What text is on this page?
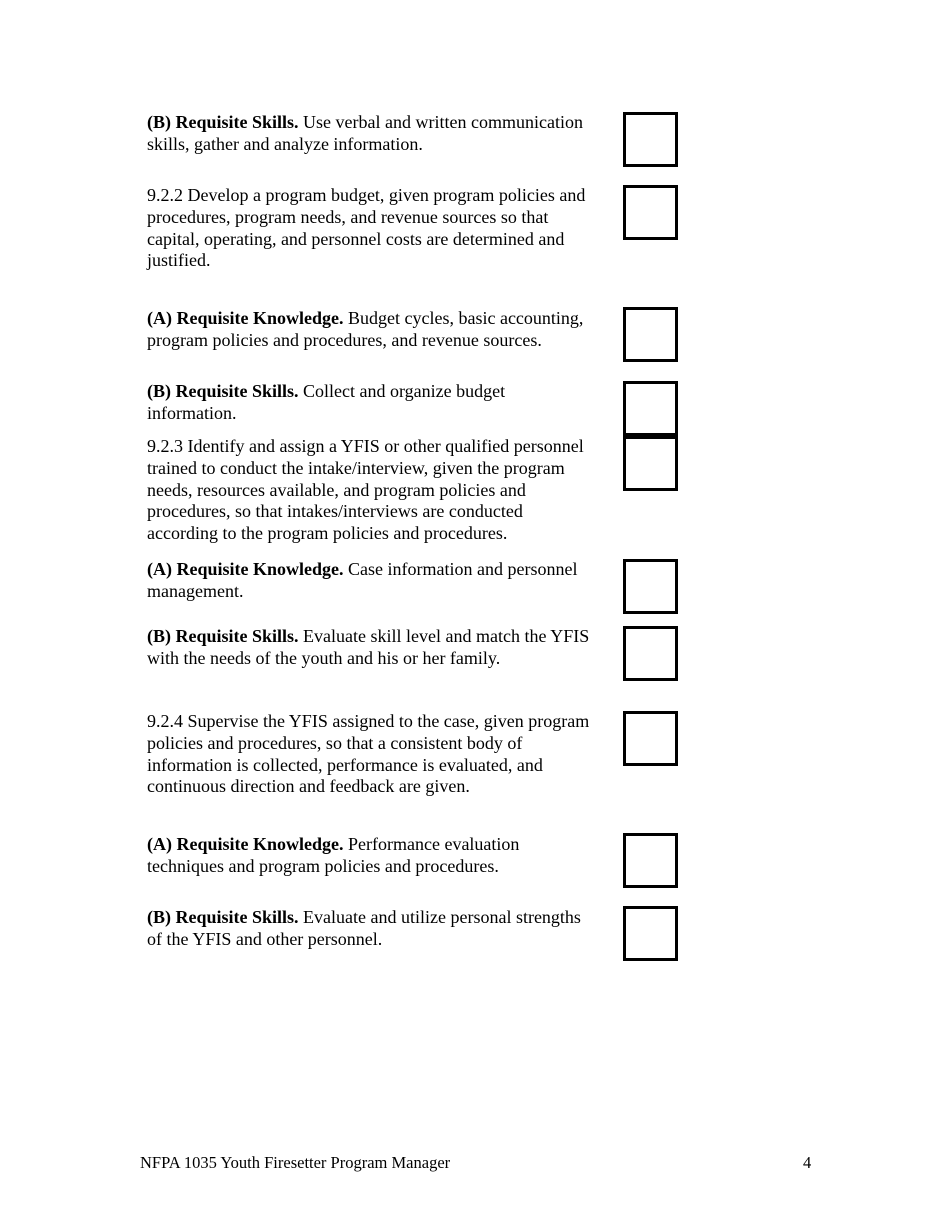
(B) Requisite Skills. Use verbal and written communication
skills, gather and analyze information.
9.2.2 Develop a program budget, given program policies and
procedures, program needs, and revenue sources so that
capital, operating, and personnel costs are determined and
justified.
(A) Requisite Knowledge. Budget cycles, basic accounting,
program policies and procedures, and revenue sources.
(B) Requisite Skills. Collect and organize budget
information.
9.2.3 Identify and assign a YFIS or other qualified personnel
trained to conduct the intake/interview, given the program
needs, resources available, and program policies and
procedures, so that intakes/interviews are conducted
according to the program policies and procedures.
(A) Requisite Knowledge. Case information and personnel
management.
(B) Requisite Skills. Evaluate skill level and match the YFIS
with the needs of the youth and his or her family.
9.2.4 Supervise the YFIS assigned to the case, given program
policies and procedures, so that a consistent body of
information is collected, performance is evaluated, and
continuous direction and feedback are given.
(A) Requisite Knowledge. Performance evaluation
techniques and program policies and procedures.
(B) Requisite Skills. Evaluate and utilize personal strengths
of the YFIS and other personnel.
NFPA 1035 Youth Firesetter Program Manager	4
